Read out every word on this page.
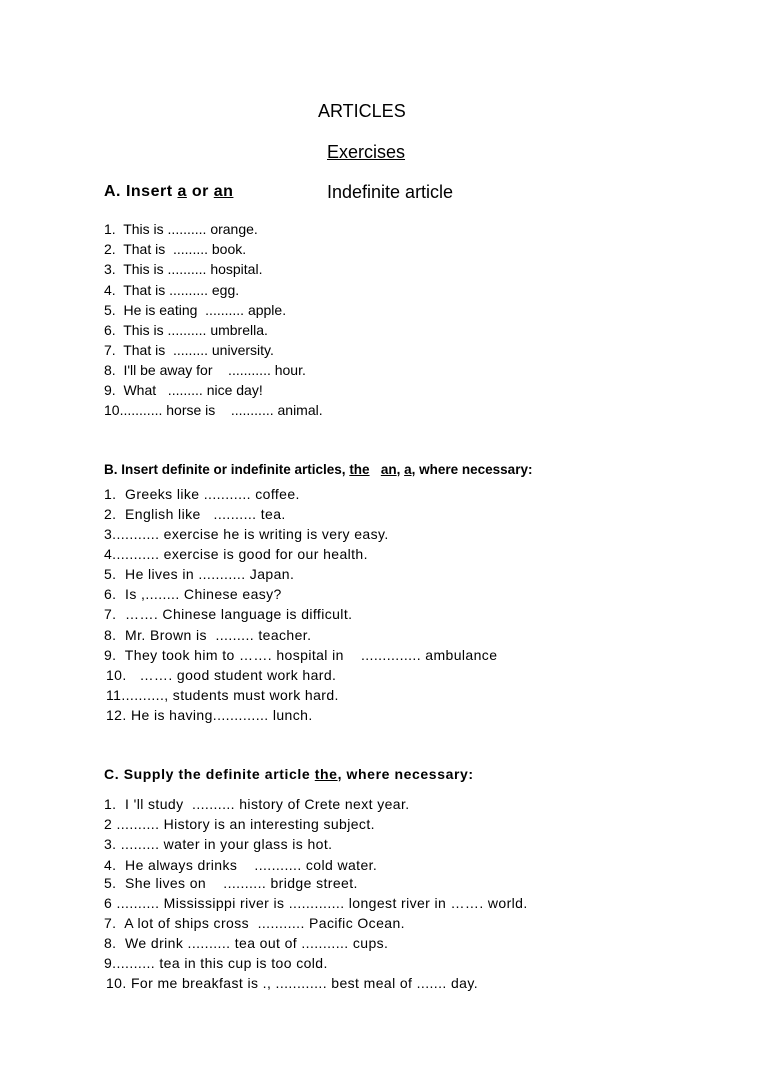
ARTICLES
Exercises
A. Insert a or an	Indefinite article
1.  This is .......... orange.
2.  That is  ......... book.
3.  This is .......... hospital.
4.  That is .......... egg.
5.  He is eating  .......... apple.
6.  This is .......... umbrella.
7.  That is  ......... university.
8.  I'll be away for    ........... hour.
9.  What   ......... nice day!
10........... horse is    ........... animal.
B. Insert definite or indefinite articles, the an, a, where necessary:
1.  Greeks like ........... coffee.
2.  English like   .......... tea.
3........... exercise he is writing is very easy.
4........... exercise is good for our health.
5.  He lives in ........... Japan.
6.  Is ,........ Chinese easy?
7.  ……. Chinese language is difficult.
8.  Mr. Brown is  ......... teacher.
9.  They took him to ……. hospital in    .............. ambulance
10.   ……. good student work hard.
11.........., students must work hard.
12. He is having............. lunch.
C. Supply the definite article the, where necessary:
1.  I 'll study  .......... history of Crete next year.
2 .......... History is an interesting subject.
3. ......... water in your glass is hot.
4.  He always drinks    ........... cold water.
5.  She lives on    .......... bridge street.
6 .......... Mississippi river is ............. longest river in ……. world.
7.  A lot of ships cross  ........... Pacific Ocean.
8.  We drink .......... tea out of ........... cups.
9.......... tea in this cup is too cold.
10. For me breakfast is ., ............ best meal of ....... day.
